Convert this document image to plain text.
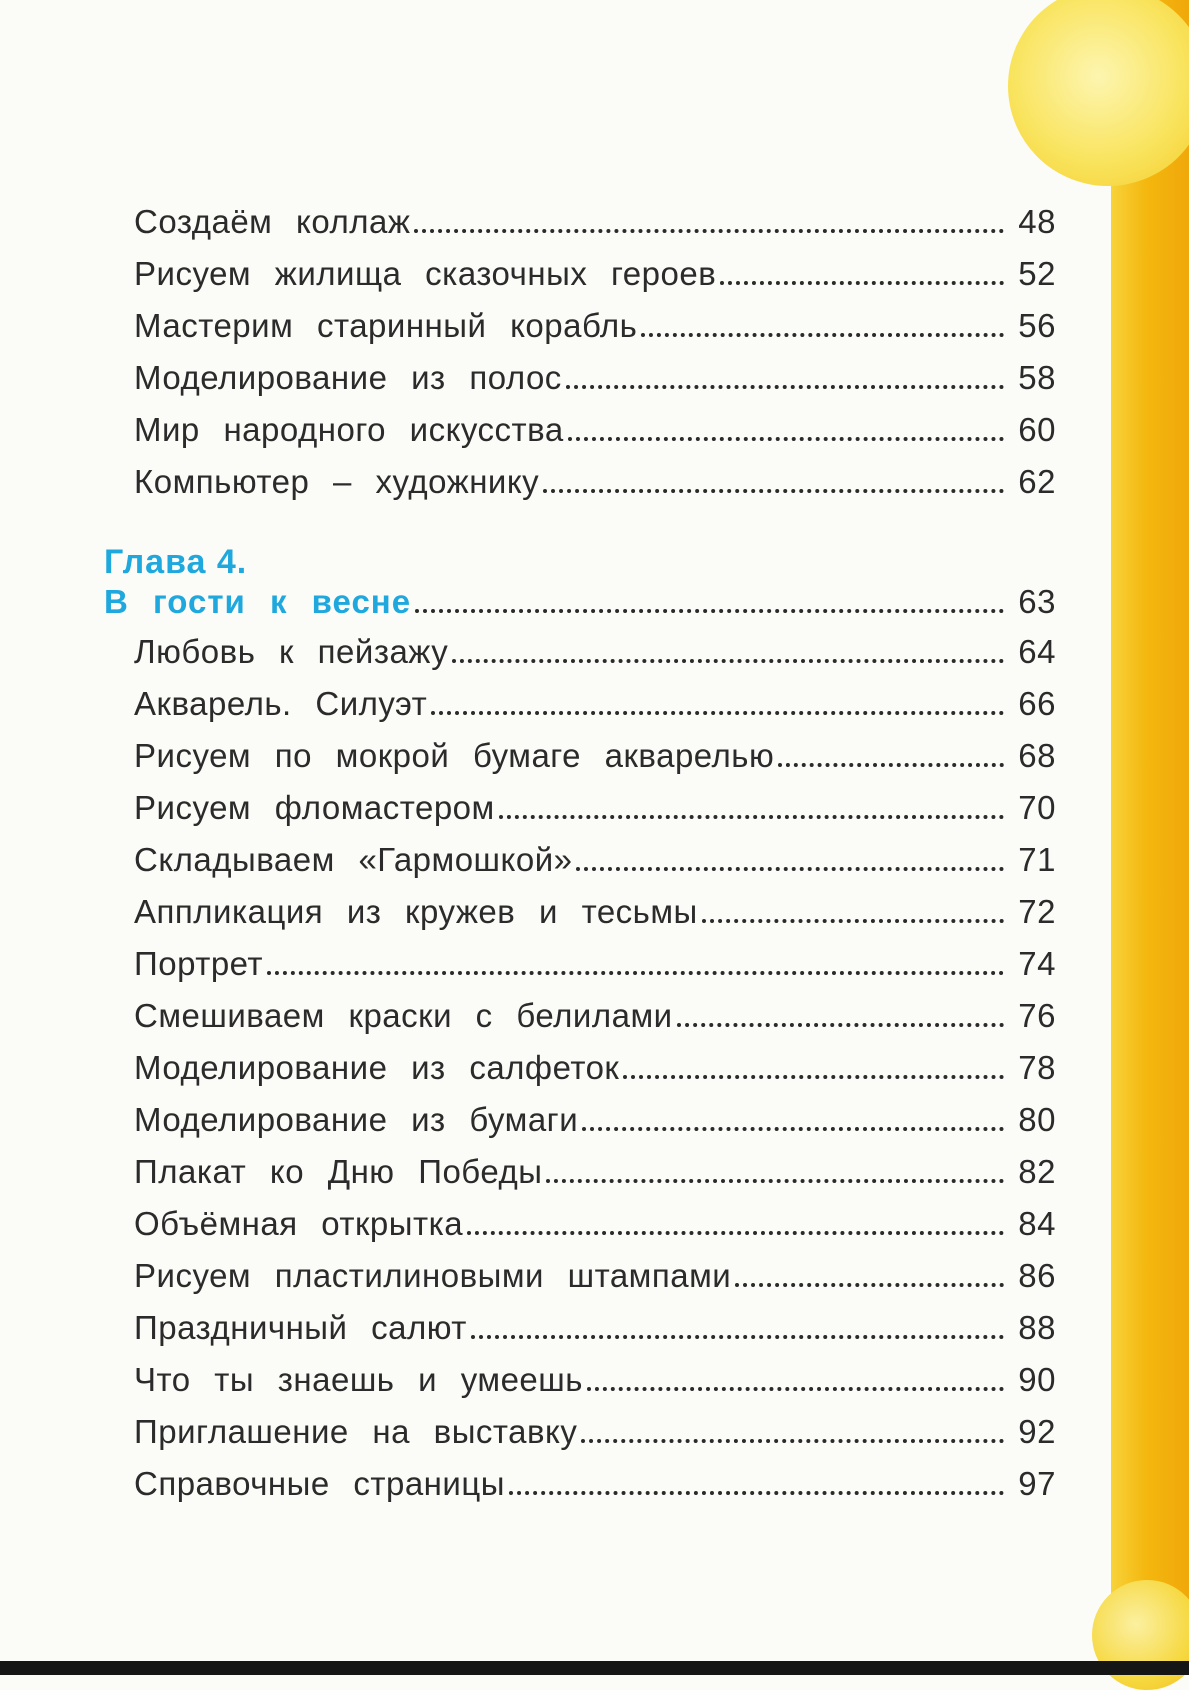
Создаём коллаж	48
Рисуем жилища сказочных героев	52
Мастерим старинный корабль	56
Моделирование из полос	58
Мир народного искусства	60
Компьютер – художнику	62
Глава 4.
В гости к весне	63
Любовь к пейзажу	64
Акварель. Силуэт	66
Рисуем по мокрой бумаге акварелью	68
Рисуем фломастером	70
Складываем «Гармошкой»	71
Аппликация из кружев и тесьмы	72
Портрет	74
Смешиваем краски с белилами	76
Моделирование из салфеток	78
Моделирование из бумаги	80
Плакат ко Дню Победы	82
Объёмная открытка	84
Рисуем пластилиновыми штампами	86
Праздничный салют	88
Что ты знаешь и умеешь	90
Приглашение на выставку	92
Справочные страницы	97
